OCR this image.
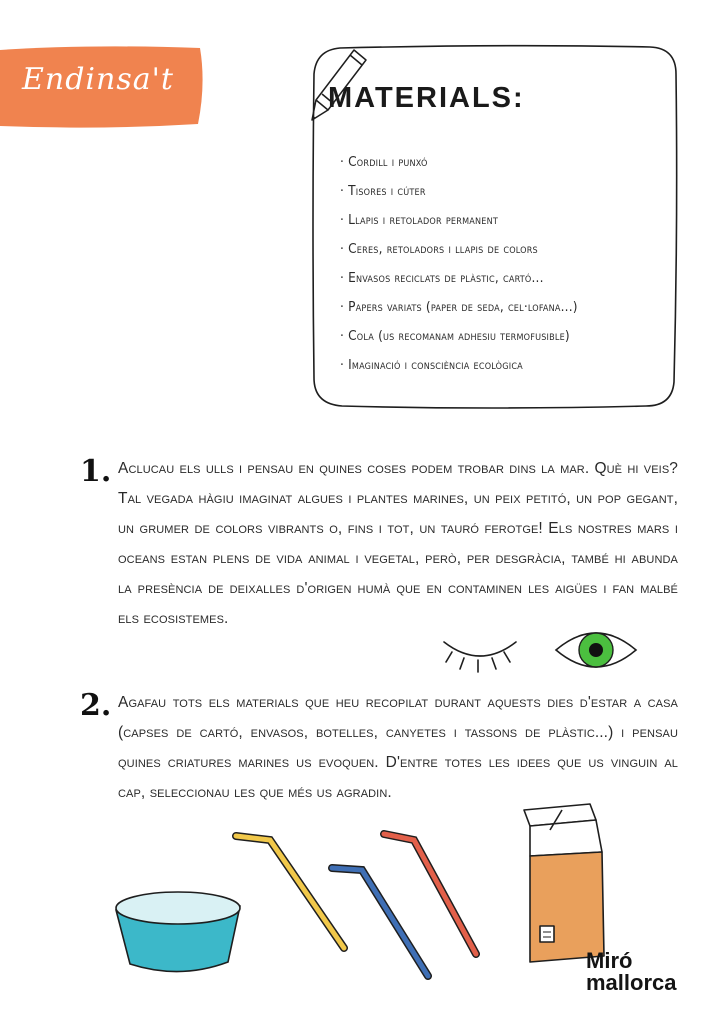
Endinsa't
MATERIALS:
· Cordill i punxó
· Tisores i cúter
· Llapis i retolador permanent
· Ceres, retoladors i llapis de colors
· Envasos reciclats de plàstic, cartó...
· Papers variats (paper de seda, cel·lofana...)
· Cola (us recomanam adhesiu termofusible)
· Imaginació i consciència ecològica
1. Aclucau els ulls i pensau en quines coses podem trobar dins la mar. Què hi veis? Tal vegada hàgiu imaginat algues i plantes marines, un peix petitó, un pop gegant, un grumer de colors vibrants o, fins i tot, un tauró ferotge! Els nostres mars i oceans estan plens de vida animal i vegetal, però, per desgràcia, també hi abunda la presència de deixalles d'origen humà que en contaminen les aigües i fan malbé els ecosistemes.

2. Agafau tots els materials que heu recopilat durant aquests dies d'estar a casa (capses de cartó, envasos, botelles, canyetes i tassons de plàstic...) i pensau quines criatures marines us evoquen. D'entre totes les idees que us vinguin al cap, seleccionau les que més us agradin.

Miró
mallorca
